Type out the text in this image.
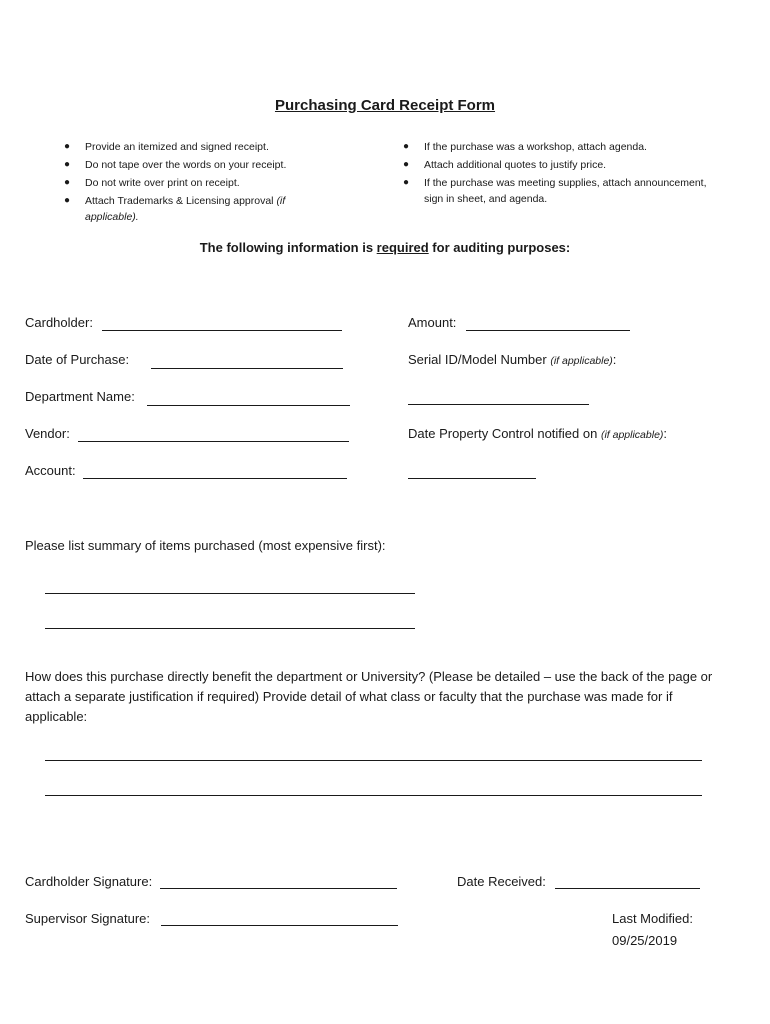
Purchasing Card Receipt Form
● Provide an itemized and signed receipt.
● Do not tape over the words on your receipt.
● Do not write over print on receipt.
● Attach Trademarks & Licensing approval (if
applicable).
● If the purchase was a workshop, attach agenda.
● Attach additional quotes to justify price.
● If the purchase was meeting supplies, attach announcement,
sign in sheet, and agenda.
The following information is required for auditing purposes:
Cardholder:
Date of Purchase:
Department Name:
Vendor:
Account:
Amount:
Serial ID/Model Number (if applicable):
Date Property Control notified on (if applicable):
Please list summary of items purchased (most expensive first):
How does this purchase directly benefit the department or University? (Please be detailed – use the back of the page or attach a separate justification if required) Provide detail of what class or faculty that the purchase was made for if applicable:
Cardholder Signature:
Supervisor Signature:
Date Received:
Last Modified:
09/25/2019
